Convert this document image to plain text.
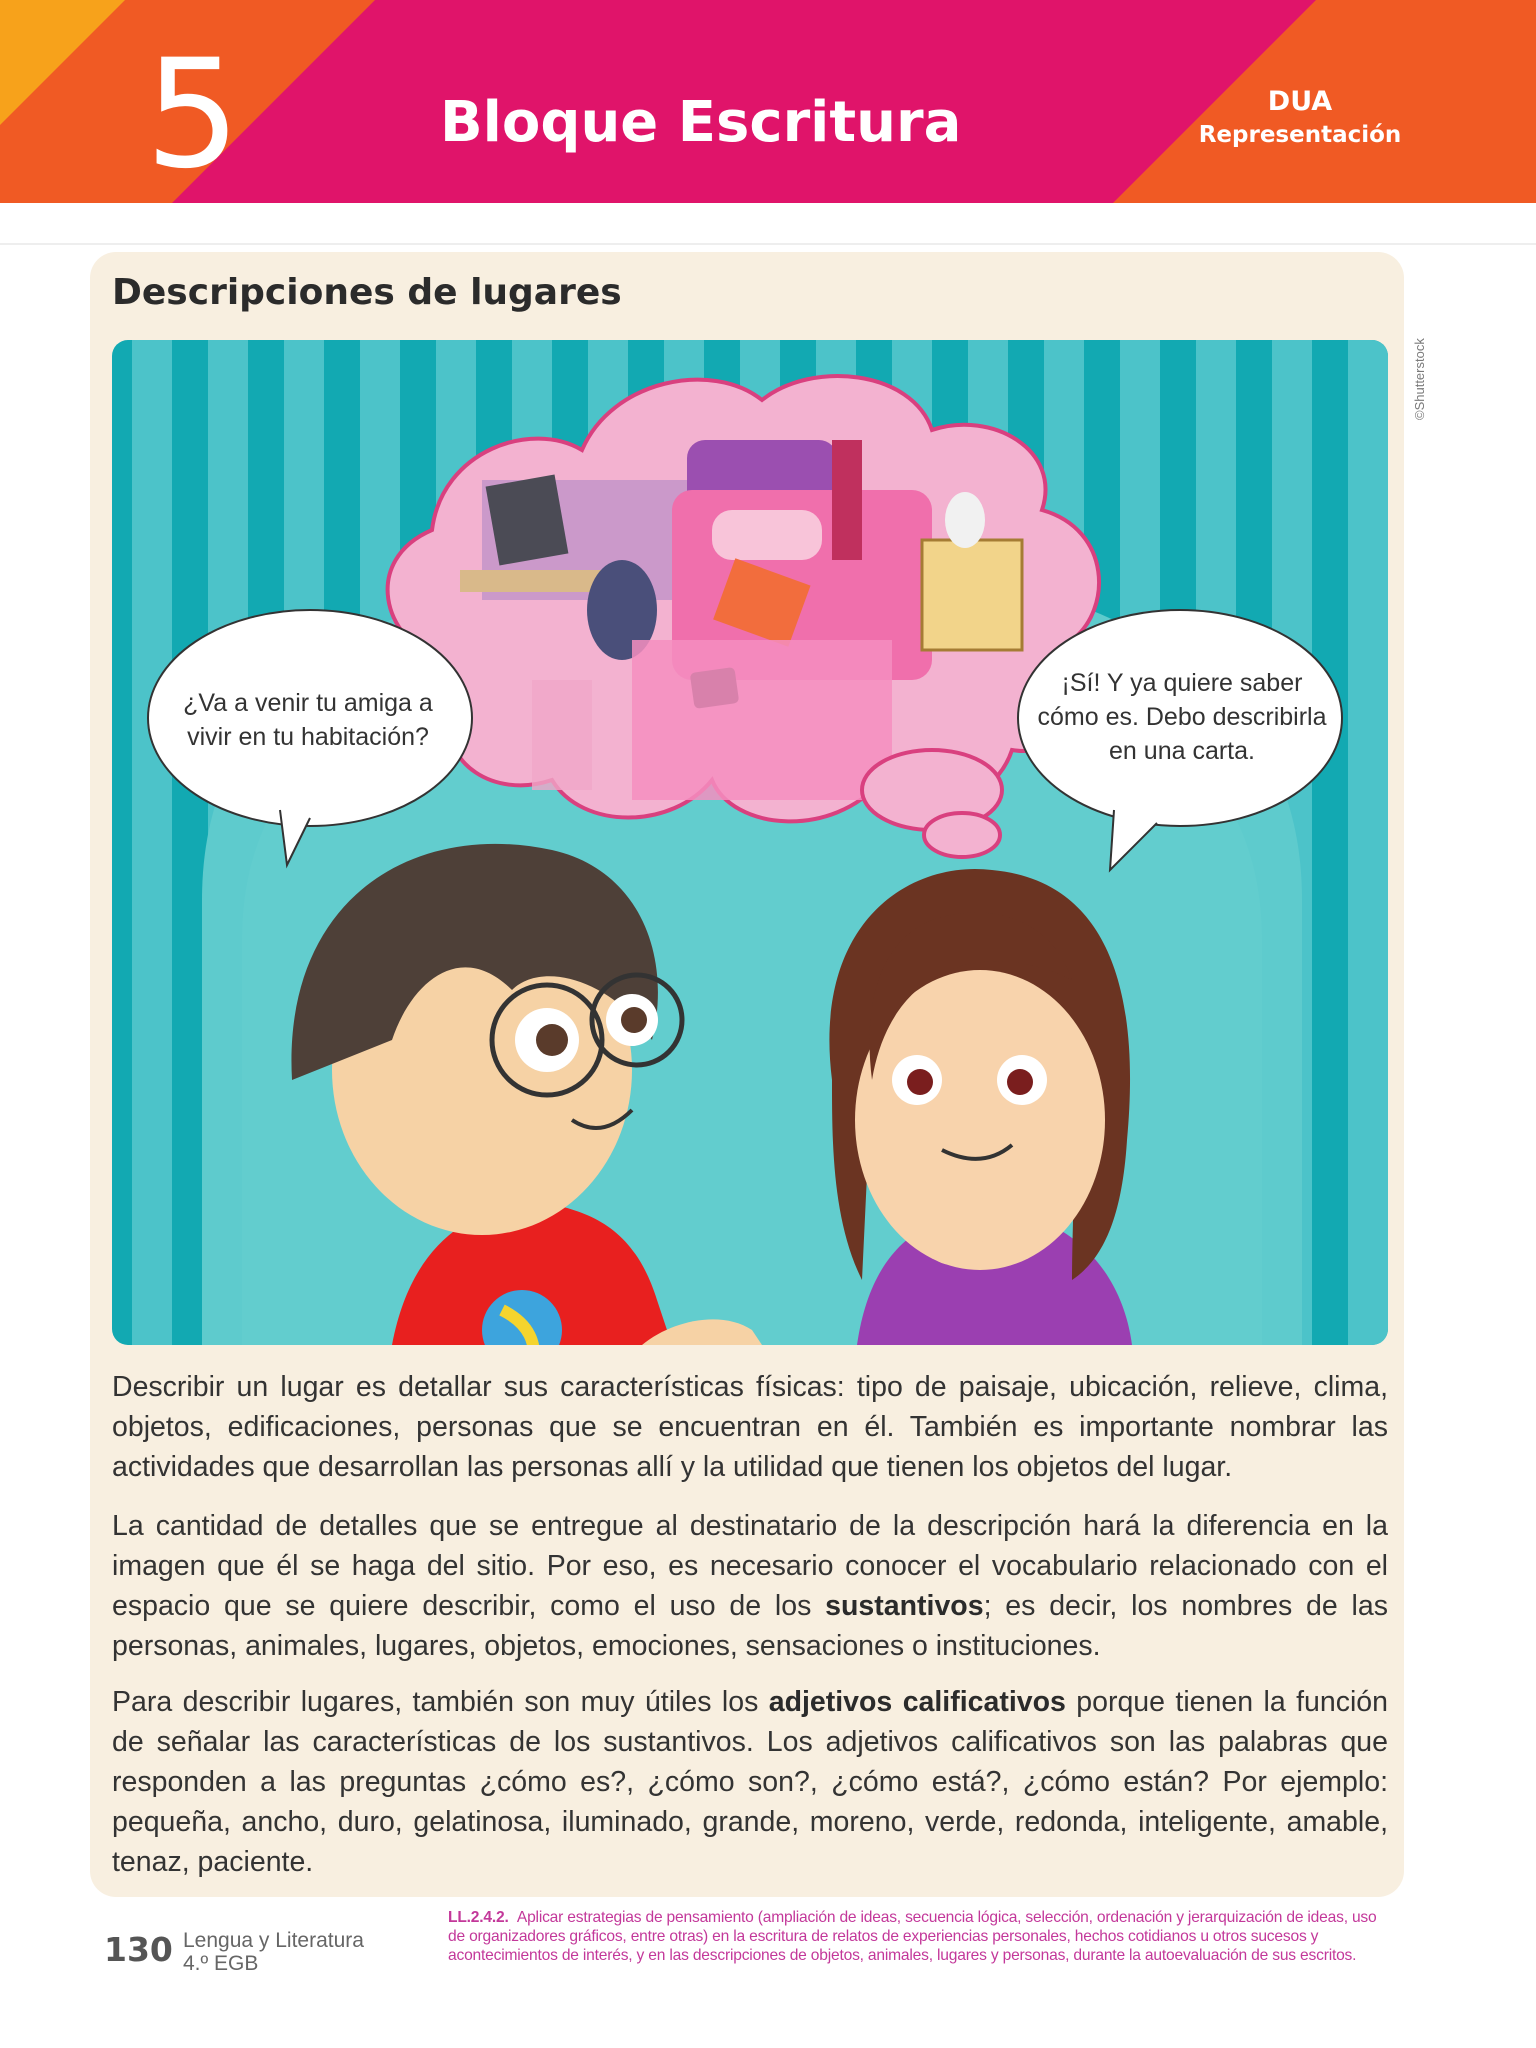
5	Bloque Escritura	DUA
Representación
Descripciones de lugares
©Shutterstock
¿Va a venir tu amiga a vivir en tu habitación?
¡Sí! Y ya quiere saber cómo es. Debo describirla en una carta.

Describir un lugar es detallar sus características físicas: tipo de paisaje, ubicación, relieve, clima, objetos, edificaciones, personas que se encuentran en él. También es importante nombrar las actividades que desarrollan las personas allí y la utilidad que tienen los objetos del lugar.

La cantidad de detalles que se entregue al destinatario de la descripción hará la diferencia en la imagen que él se haga del sitio. Por eso, es necesario conocer el vocabulario relacionado con el espacio que se quiere describir, como el uso de los sustantivos; es decir, los nombres de las personas, animales, lugares, objetos, emociones, sensaciones o instituciones.

Para describir lugares, también son muy útiles los adjetivos calificativos porque tienen la función de señalar las características de los sustantivos. Los adjetivos calificativos son las palabras que responden a las preguntas ¿cómo es?, ¿cómo son?, ¿cómo está?, ¿cómo están? Por ejemplo: pequeña, ancho, duro, gelatinosa, iluminado, grande, moreno, verde, redonda, inteligente, amable, tenaz, paciente.

130 Lengua y Literatura
4.º EGB
LL.2.4.2. Aplicar estrategias de pensamiento (ampliación de ideas, secuencia lógica, selección, ordenación y jerarquización de ideas, uso de organizadores gráficos, entre otras) en la escritura de relatos de experiencias personales, hechos cotidianos u otros sucesos y acontecimientos de interés, y en las descripciones de objetos, animales, lugares y personas, durante la autoevaluación de sus escritos.
